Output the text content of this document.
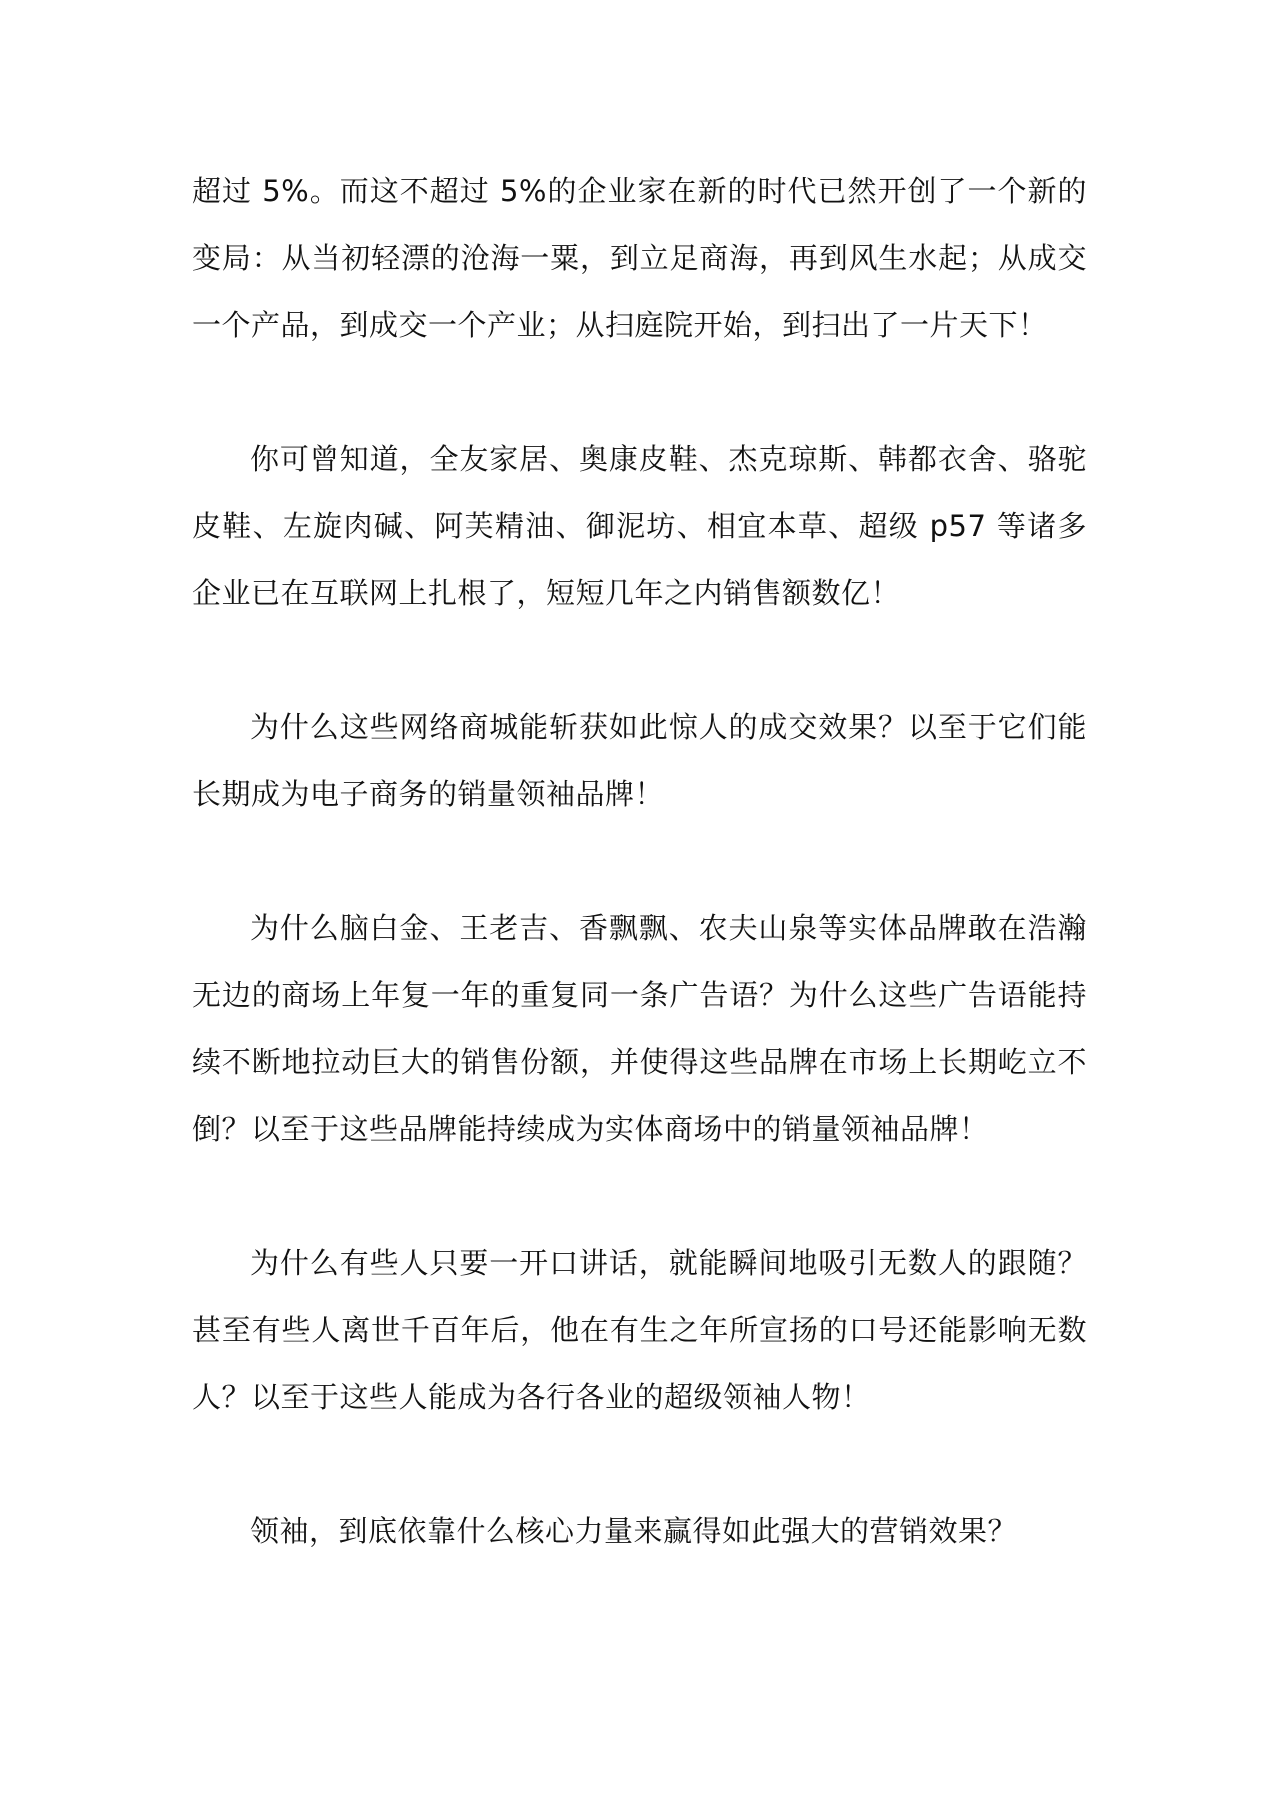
超过 5%。而这不超过 5%的企业家在新的时代已然开创了一个新的变局：从当初轻漂的沧海一粟，到立足商海，再到风生水起；从成交一个产品，到成交一个产业；从扫庭院开始，到扫出了一片天下！

你可曾知道，全友家居、奥康皮鞋、杰克琼斯、韩都衣舍、骆驼皮鞋、左旋肉碱、阿芙精油、御泥坊、相宜本草、超级 p57 等诸多企业已在互联网上扎根了，短短几年之内销售额数亿！

为什么这些网络商城能斩获如此惊人的成交效果？以至于它们能长期成为电子商务的销量领袖品牌！

为什么脑白金、王老吉、香飘飘、农夫山泉等实体品牌敢在浩瀚无边的商场上年复一年的重复同一条广告语？为什么这些广告语能持续不断地拉动巨大的销售份额，并使得这些品牌在市场上长期屹立不倒？以至于这些品牌能持续成为实体商场中的销量领袖品牌！

为什么有些人只要一开口讲话，就能瞬间地吸引无数人的跟随？甚至有些人离世千百年后，他在有生之年所宣扬的口号还能影响无数人？以至于这些人能成为各行各业的超级领袖人物！

领袖，到底依靠什么核心力量来赢得如此强大的营销效果？
